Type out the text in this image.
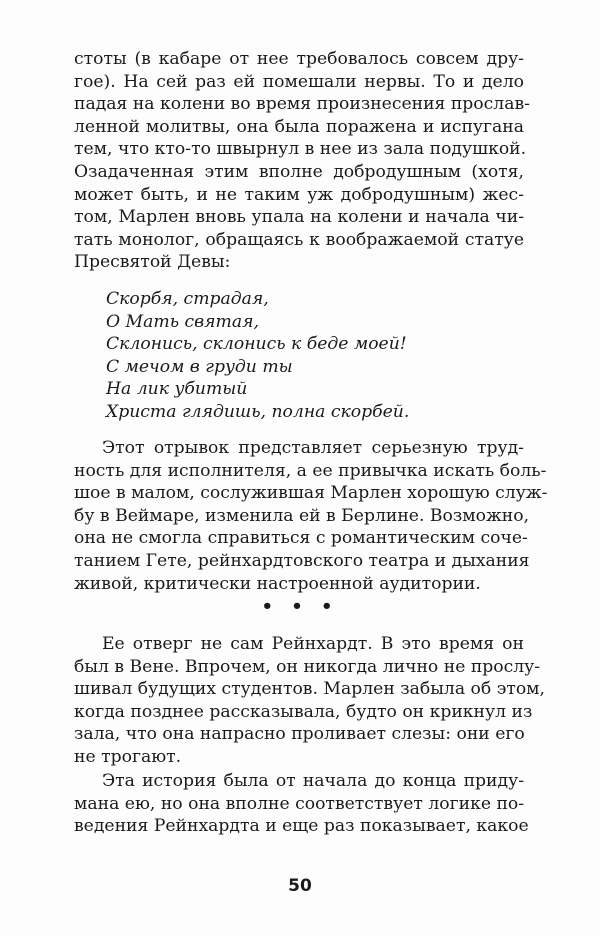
стоты (в кабаре от нее требовалось совсем дру-
гое). На сей раз ей помешали нервы. То и дело
падая на колени во время произнесения прослав-
ленной молитвы, она была поражена и испугана
тем, что кто-то швырнул в нее из зала подушкой.
Озадаченная этим вполне добродушным (хотя,
может быть, и не таким уж добродушным) жес-
том, Марлен вновь упала на колени и начала чи-
тать монолог, обращаясь к воображаемой статуе
Пресвятой Девы:
Скорбя, страдая,
О Мать святая,
Склонись, склонись к беде моей!
С мечом в груди ты
На лик убитый
Христа глядишь, полна скорбей.
Этот отрывок представляет серьезную труд-
ность для исполнителя, а ее привычка искать боль-
шое в малом, сослужившая Марлен хорошую служ-
бу в Веймаре, изменила ей в Берлине. Возможно,
она не смогла справиться с романтическим соче-
танием Гете, рейнхардтовского театра и дыхания
живой, критически настроенной аудитории.
• • •
Ее отверг не сам Рейнхардт. В это время он
был в Вене. Впрочем, он никогда лично не прослу-
шивал будущих студентов. Марлен забыла об этом,
когда позднее рассказывала, будто он крикнул из
зала, что она напрасно проливает слезы: они его
не трогают.
Эта история была от начала до конца приду-
мана ею, но она вполне соответствует логике по-
ведения Рейнхардта и еще раз показывает, какое
50
